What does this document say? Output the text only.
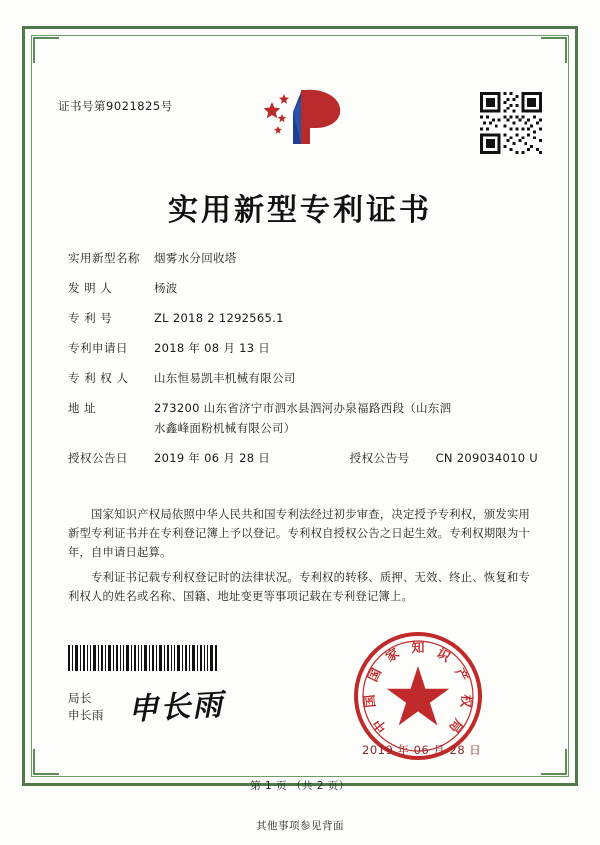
证书号第9021825号
实用新型专利证书
实用新型名称	烟雾水分回收塔
发 明 人	杨波
专 利 号	ZL 2018 2 1292565.1
专利申请日	2018 年 08 月 13 日
专 利 权 人	山东恒易凯丰机械有限公司
地 址	273200 山东省济宁市泗水县泗河办泉福路西段（山东泗
水鑫峰面粉机械有限公司）
授权公告日	2019 年 06 月 28 日	授权公告号	CN 209034010 U

国家知识产权局依照中华人民共和国专利法经过初步审查，决定授予专利权，颁发实用新型专利证书并在专利登记簿上予以登记。专利权自授权公告之日起生效。专利权期限为十年，自申请日起算。

专利证书记载专利权登记时的法律状况。专利权的转移、质押、无效、终止、恢复和专利权人的姓名或名称、国籍、地址变更等事项记载在专利登记簿上。

局长
申长雨 申长雨
知 识
产
权
局
家
国
国
中
2019 年 06 月 28 日
第 1 页 （共 2 页）
其他事项参见背面
